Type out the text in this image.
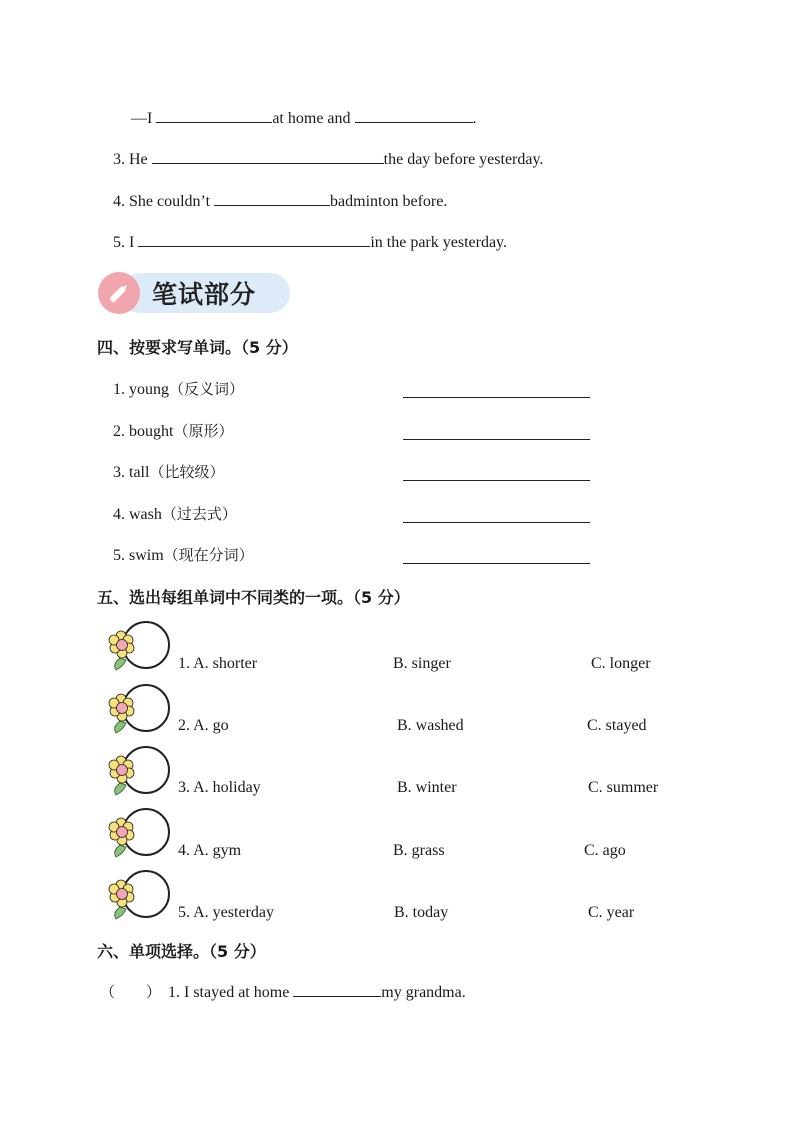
—I	at home and	.
3. He	the day before yesterday.
4. She couldn’t	badminton before.
5. I	in the park yesterday.
笔试部分
四、按要求写单词。（5 分）
1. young（反义词）
2. bought（原形）
3. tall（比较级）
4. wash（过去式）
5. swim（现在分词）
五、选出每组单词中不同类的一项。（5 分）
1. A. shorter	B. singer	C. longer
2. A. go	B. washed	C. stayed
3. A. holiday	B. winter	C. summer
4. A. gym	B. grass	C. ago
5. A. yesterday	B. today	C. year
六、单项选择。（5 分）
（ ） 1. I stayed at home	my grandma.
